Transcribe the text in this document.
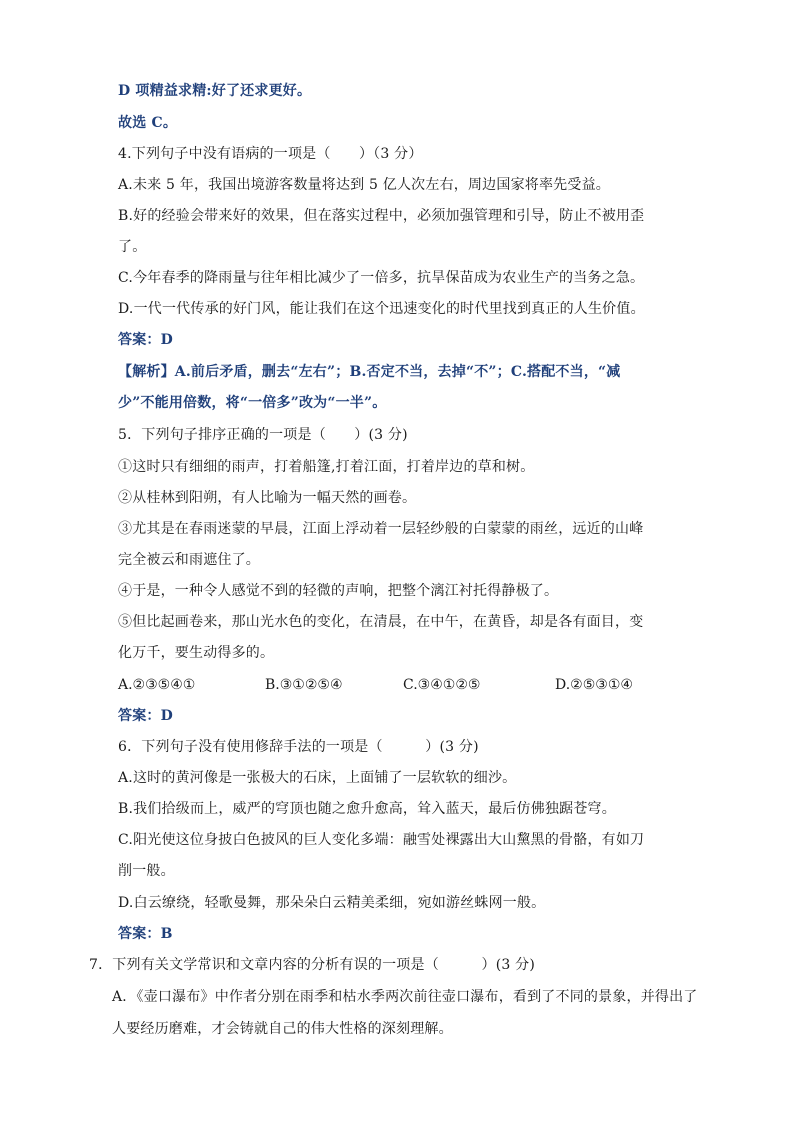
D 项精益求精:好了还求更好。
故选 C。
4.下列句子中没有语病的一项是（　　）（3 分）
A.未来 5 年，我国出境游客数量将达到 5 亿人次左右，周边国家将率先受益。
B.好的经验会带来好的效果，但在落实过程中，必须加强管理和引导，防止不被用歪
了。
C.今年春季的降雨量与往年相比减少了一倍多，抗旱保苗成为农业生产的当务之急。
D.一代一代传承的好门风，能让我们在这个迅速变化的时代里找到真正的人生价值。
答案：D
【解析】A.前后矛盾，删去“左右”；B.否定不当，去掉“不”；C.搭配不当，“减
少”不能用倍数，将“一倍多”改为“一半”。
5．下列句子排序正确的一项是（　　）(3 分)
①这时只有细细的雨声，打着船篷,打着江面，打着岸边的草和树。
②从桂林到阳朔，有人比喻为一幅天然的画卷。
③尤其是在春雨迷蒙的早晨，江面上浮动着一层轻纱般的白蒙蒙的雨丝，远近的山峰
完全被云和雨遮住了。
④于是，一种令人感觉不到的轻微的声响，把整个漓江衬托得静极了。
⑤但比起画卷来，那山光水色的变化，在清晨，在中午，在黄昏，却是各有面目，变
化万千，要生动得多的。
A.②③⑤④①	B.③①②⑤④	C.③④①②⑤	D.②⑤③①④
答案：D
6．下列句子没有使用修辞手法的一项是（　　　）(3 分)
A.这时的黄河像是一张极大的石床，上面铺了一层软软的细沙。
B.我们拾级而上，威严的穹顶也随之愈升愈高，耸入蓝天，最后仿佛独踞苍穹。
C.阳光使这位身披白色披风的巨人变化多端：融雪处裸露出大山黧黑的骨骼，有如刀
削一般。
D.白云缭绕，轻歌曼舞，那朵朵白云精美柔细，宛如游丝蛛网一般。
答案：B
7．下列有关文学常识和文章内容的分析有误的一项是（　　　）(3 分)
A．《壶口瀑布》中作者分别在雨季和枯水季两次前往壶口瀑布，看到了不同的景象，并得出了
人要经历磨难，才会铸就自己的伟大性格的深刻理解。
